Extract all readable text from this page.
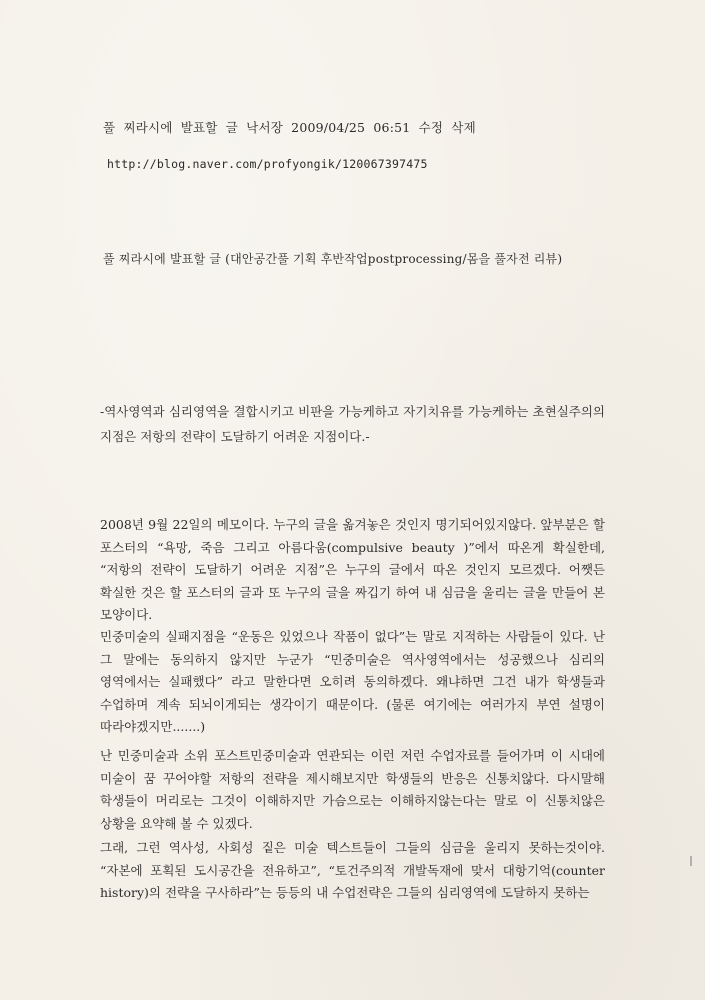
풀 찌라시에 발표할 글 낙서장 2009/04/25 06:51 수정 삭제
http://blog.naver.com/profyongik/120067397475
풀 찌라시에 발표할 글 (대안공간풀 기획 후반작업postprocessing/몸을 풀자전 리뷰)
-역사영역과 심리영역을 결합시키고 비판을 가능케하고 자기치유를 가능케하는 초현실주의의 지점은 저항의 전략이 도달하기 어려운 지점이다.-
2008년 9월 22일의 메모이다. 누구의 글을 옮겨놓은 것인지 명기되어있지않다. 앞부분은 할 포스터의 “욕망, 죽음 그리고 아름다움(compulsive beauty )”에서 따온게 확실한데, “저항의 전략이 도달하기 어려운 지점”은 누구의 글에서 따온 것인지 모르겠다. 어쨋든 확실한 것은 할 포스터의 글과 또 누구의 글을 짜깁기 하여 내 심금을 울리는 글을 만들어 본 모양이다.
민중미술의 실패지점을 “운동은 있었으나 작품이 없다”는 말로 지적하는 사람들이 있다. 난 그 말에는 동의하지 않지만 누군가 “민중미술은 역사영역에서는 성공했으나 심리의 영역에서는 실패했다” 라고 말한다면 오히려 동의하겠다. 왜냐하면 그건 내가 학생들과 수업하며 계속 되뇌이게되는 생각이기 때문이다. (물론 여기에는 여러가지 부연 설명이 따라야겠지만.......)
난 민중미술과 소위 포스트민중미술과 연관되는 이런 저런 수업자료를 들어가며 이 시대에 미술이 꿈 꾸어야할 저항의 전략을 제시해보지만 학생들의 반응은 신통치않다. 다시말해 학생들이 머리로는 그것이 이해하지만 가슴으로는 이해하지않는다는 말로 이 신통치않은 상황을 요약해 볼 수 있겠다.
그래, 그런 역사성, 사회성 짙은 미술 텍스트들이 그들의 심금을 울리지 못하는것이야. “자본에 포획된 도시공간을 전유하고”, “토건주의적 개발독재에 맞서 대항기억(counter history)의 전략을 구사하라”는 등등의 내 수업전략은 그들의 심리영역에 도달하지 못하는
